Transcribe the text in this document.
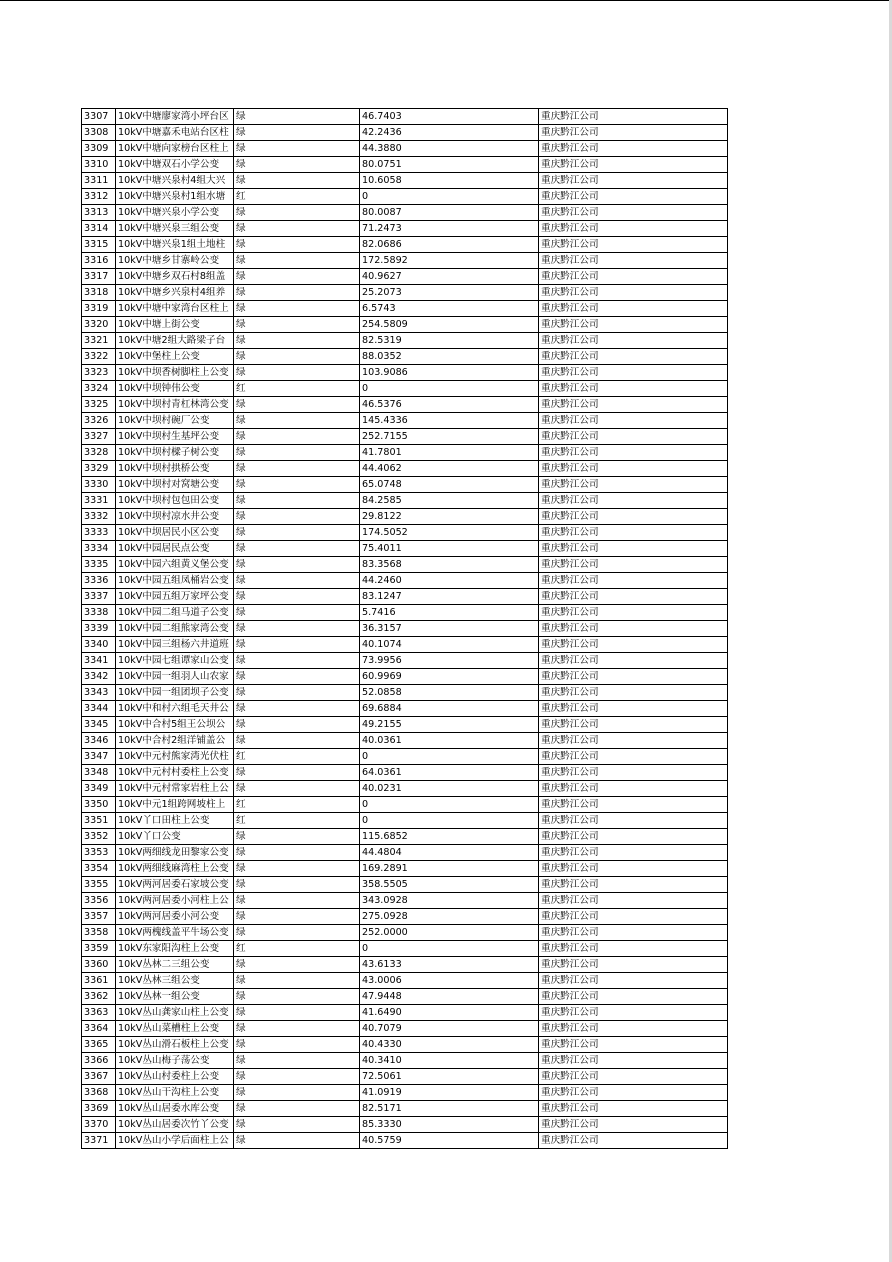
3307	10kV中塘廖家湾小坪台区	绿	46.7403	重庆黔江公司
3308	10kV中塘嘉禾电站台区柱	绿	42.2436	重庆黔江公司
3309	10kV中塘向家榜台区柱上	绿	44.3880	重庆黔江公司
3310	10kV中塘双石小学公变	绿	80.0751	重庆黔江公司
3311	10kV中塘兴泉村4组大兴	绿	10.6058	重庆黔江公司
3312	10kV中塘兴泉村1组水塘	红	0	重庆黔江公司
3313	10kV中塘兴泉小学公变	绿	80.0087	重庆黔江公司
3314	10kV中塘兴泉三组公变	绿	71.2473	重庆黔江公司
3315	10kV中塘兴泉1组土地柱	绿	82.0686	重庆黔江公司
3316	10kV中塘乡甘寨岭公变	绿	172.5892	重庆黔江公司
3317	10kV中塘乡双石村8组盖	绿	40.9627	重庆黔江公司
3318	10kV中塘乡兴泉村4组养	绿	25.2073	重庆黔江公司
3319	10kV中塘中家湾台区柱上	绿	6.5743	重庆黔江公司
3320	10kV中塘上街公变	绿	254.5809	重庆黔江公司
3321	10kV中塘2组大路梁子台	绿	82.5319	重庆黔江公司
3322	10kV中堡柱上公变	绿	88.0352	重庆黔江公司
3323	10kV中坝香树脚柱上公变	绿	103.9086	重庆黔江公司
3324	10kV中坝钟伟公变	红	0	重庆黔江公司
3325	10kV中坝村青杠林湾公变	绿	46.5376	重庆黔江公司
3326	10kV中坝村碗厂公变	绿	145.4336	重庆黔江公司
3327	10kV中坝村生基坪公变	绿	252.7155	重庆黔江公司
3328	10kV中坝村樑子树公变	绿	41.7801	重庆黔江公司
3329	10kV中坝村拱桥公变	绿	44.4062	重庆黔江公司
3330	10kV中坝村对窝塘公变	绿	65.0748	重庆黔江公司
3331	10kV中坝村包包田公变	绿	84.2585	重庆黔江公司
3332	10kV中坝村凉水井公变	绿	29.8122	重庆黔江公司
3333	10kV中坝居民小区公变	绿	174.5052	重庆黔江公司
3334	10kV中园居民点公变	绿	75.4011	重庆黔江公司
3335	10kV中园六组黄义堡公变	绿	83.3568	重庆黔江公司
3336	10kV中园五组凤桶岩公变	绿	44.2460	重庆黔江公司
3337	10kV中园五组万家坪公变	绿	83.1247	重庆黔江公司
3338	10kV中园二组马道子公变	绿	5.7416	重庆黔江公司
3339	10kV中园二组熊家湾公变	绿	36.3157	重庆黔江公司
3340	10kV中园三组杨六井道班	绿	40.1074	重庆黔江公司
3341	10kV中园七组谭家山公变	绿	73.9956	重庆黔江公司
3342	10kV中园一组羽人山农家	绿	60.9969	重庆黔江公司
3343	10kV中园一组团坝子公变	绿	52.0858	重庆黔江公司
3344	10kV中和村六组毛天井公	绿	69.6884	重庆黔江公司
3345	10kV中合村5组王公坝公	绿	49.2155	重庆黔江公司
3346	10kV中合村2组洋铺盖公	绿	40.0361	重庆黔江公司
3347	10kV中元村熊家湾光伏柱	红	0	重庆黔江公司
3348	10kV中元村村委柱上公变	绿	64.0361	重庆黔江公司
3349	10kV中元村常家岩柱上公	绿	40.0231	重庆黔江公司
3350	10kV中元1组跨网坡柱上	红	0	重庆黔江公司
3351	10kV丫口田柱上公变	红	0	重庆黔江公司
3352	10kV丫口公变	绿	115.6852	重庆黔江公司
3353	10kV两细线龙田黎家公变	绿	44.4804	重庆黔江公司
3354	10kV两细线麻湾柱上公变	绿	169.2891	重庆黔江公司
3355	10kV两河居委石家坡公变	绿	358.5505	重庆黔江公司
3356	10kV两河居委小河柱上公	绿	343.0928	重庆黔江公司
3357	10kV两河居委小河公变	绿	275.0928	重庆黔江公司
3358	10kV两槐线盖平牛场公变	绿	252.0000	重庆黔江公司
3359	10kV东家阳沟柱上公变	红	0	重庆黔江公司
3360	10kV丛林二三组公变	绿	43.6133	重庆黔江公司
3361	10kV丛林三组公变	绿	43.0006	重庆黔江公司
3362	10kV丛林一组公变	绿	47.9448	重庆黔江公司
3363	10kV丛山龚家山柱上公变	绿	41.6490	重庆黔江公司
3364	10kV丛山菜槽柱上公变	绿	40.7079	重庆黔江公司
3365	10kV丛山滑石板柱上公变	绿	40.4330	重庆黔江公司
3366	10kV丛山梅子荡公变	绿	40.3410	重庆黔江公司
3367	10kV丛山村委柱上公变	绿	72.5061	重庆黔江公司
3368	10kV丛山干沟柱上公变	绿	41.0919	重庆黔江公司
3369	10kV丛山居委水库公变	绿	82.5171	重庆黔江公司
3370	10kV丛山居委次竹丫公变	绿	85.3330	重庆黔江公司
3371	10kV丛山小学后面柱上公	绿	40.5759	重庆黔江公司
